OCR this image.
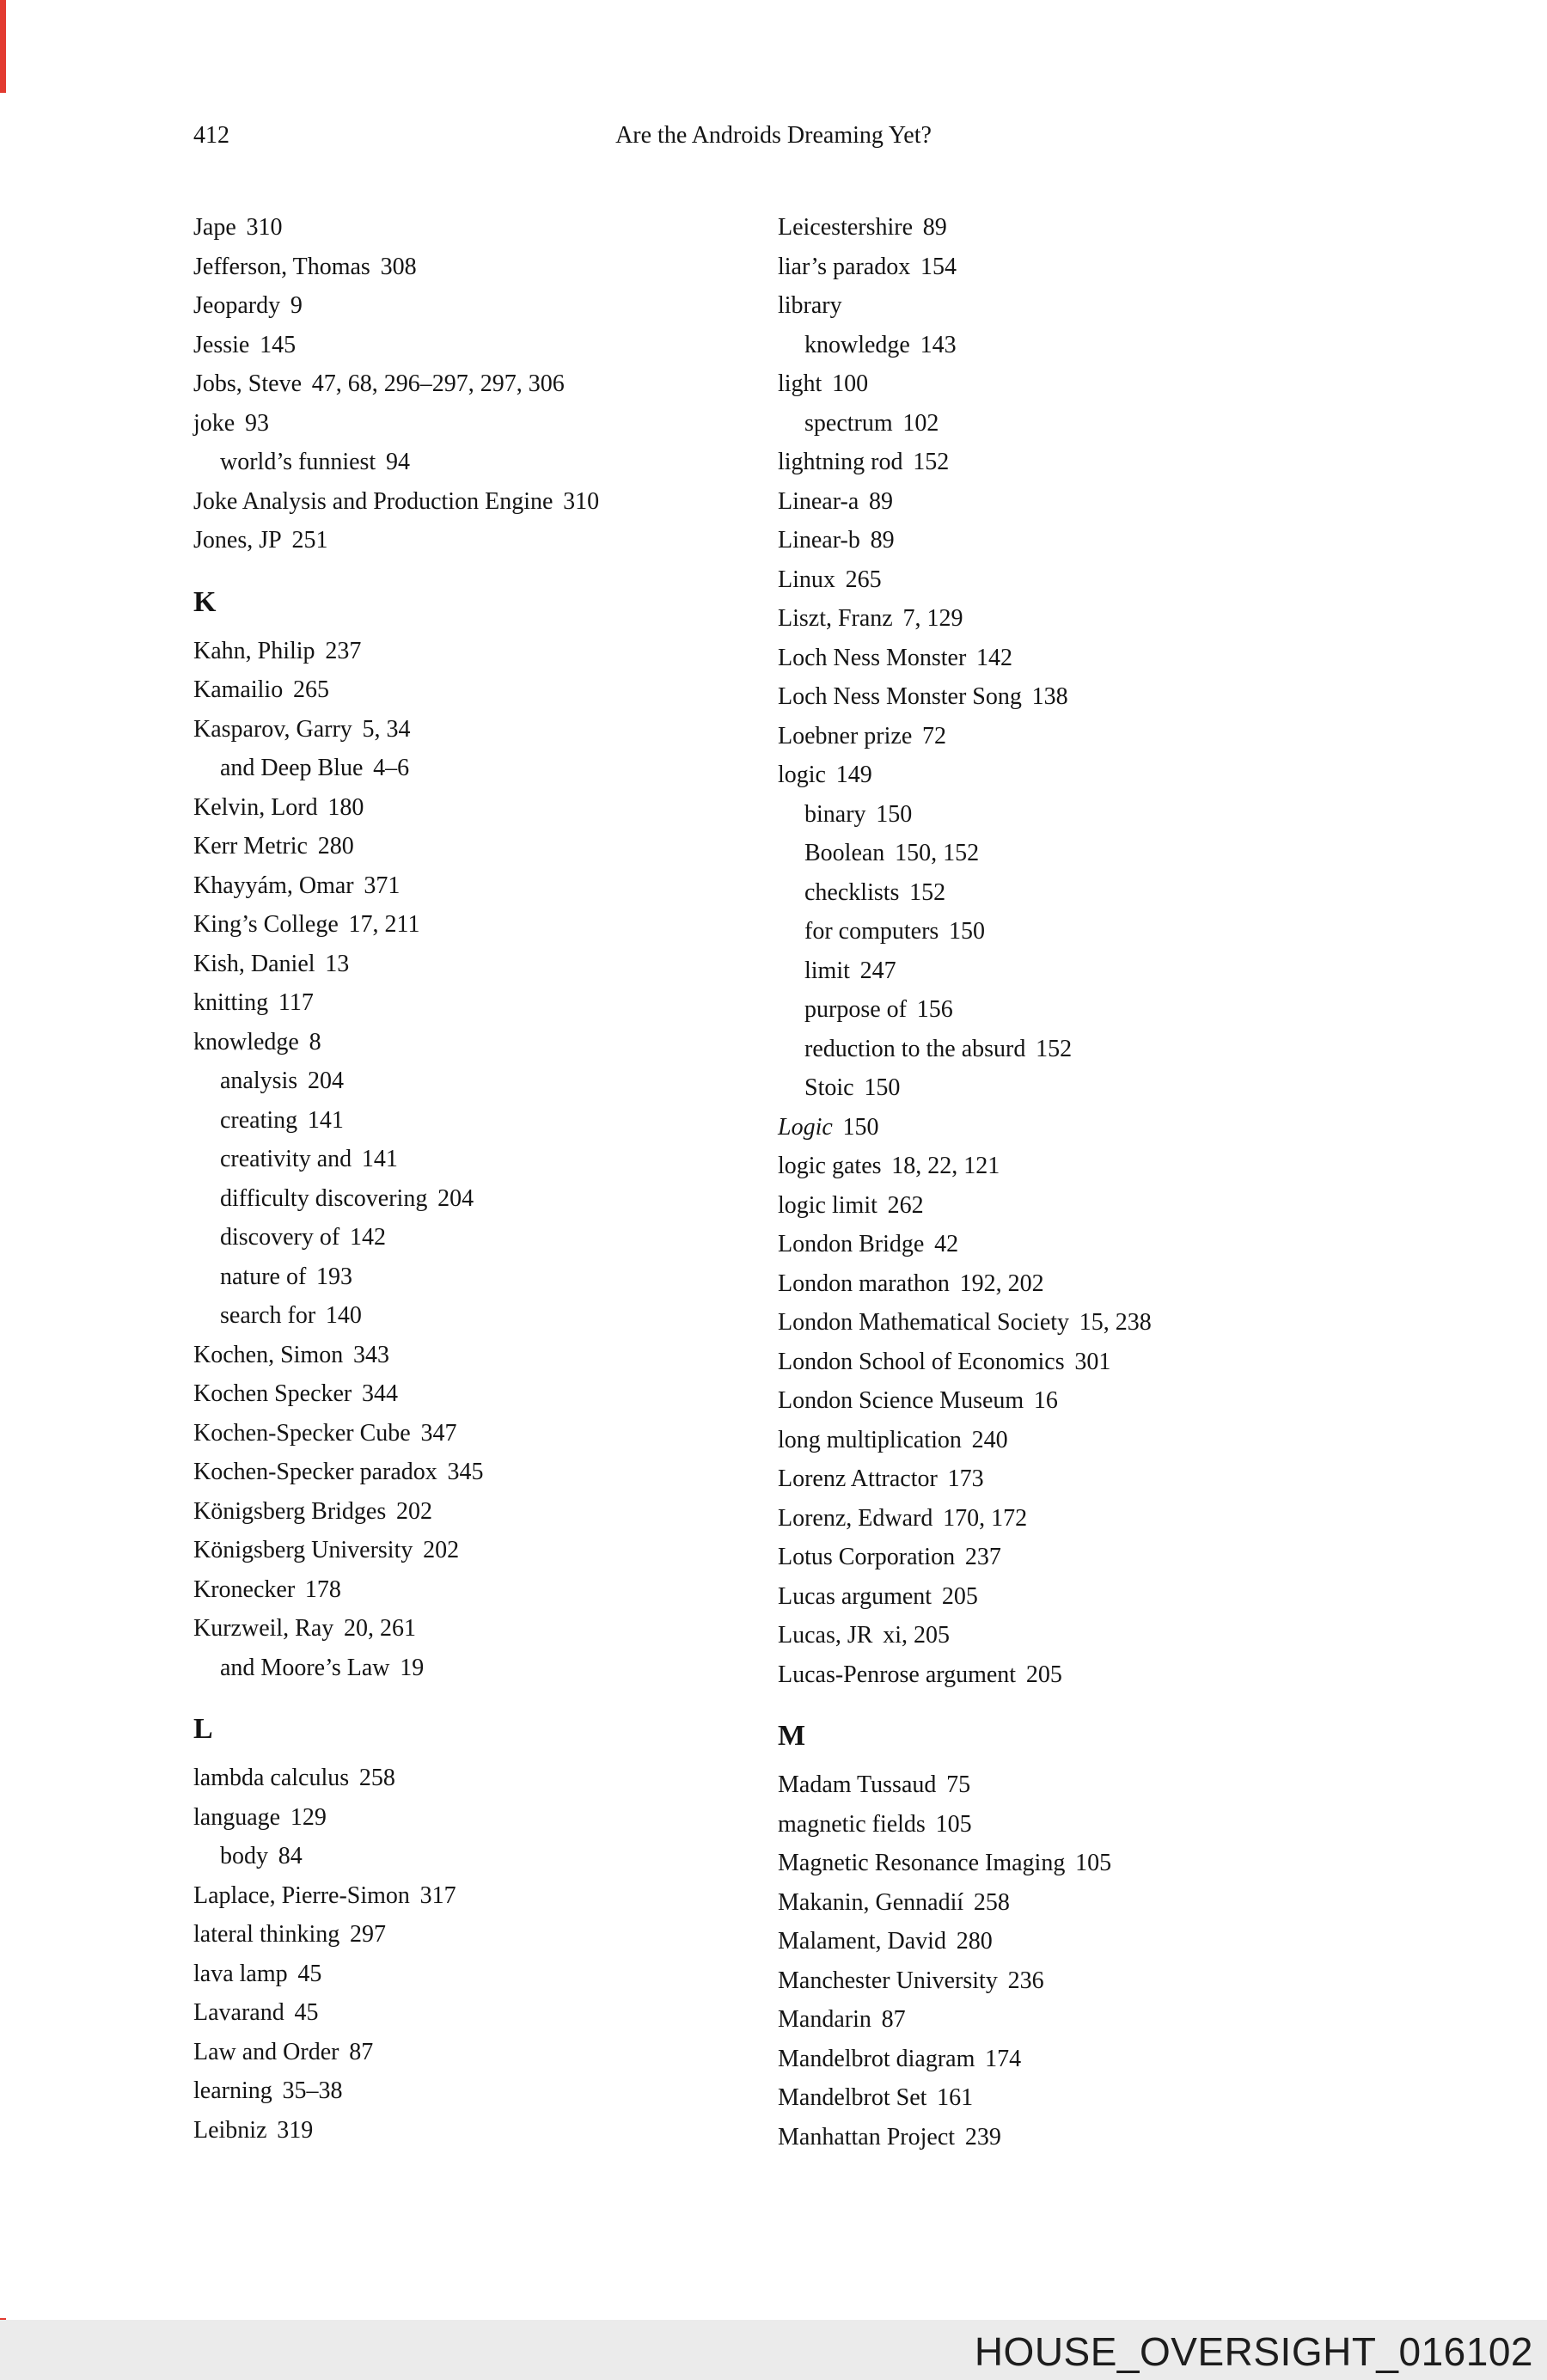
Are the Androids Dreaming Yet?
412
Jape 310
Jefferson, Thomas 308
Jeopardy 9
Jessie 145
Jobs, Steve 47, 68, 296–297, 297, 306
joke 93
world’s funniest 94
Joke Analysis and Production Engine 310
Jones, JP 251
K
Kahn, Philip 237
Kamailio 265
Kasparov, Garry 5, 34
and Deep Blue 4–6
Kelvin, Lord 180
Kerr Metric 280
Khayyám, Omar 371
King’s College 17, 211
Kish, Daniel 13
knitting 117
knowledge 8
analysis 204
creating 141
creativity and 141
difficulty discovering 204
discovery of 142
nature of 193
search for 140
Kochen, Simon 343
Kochen Specker 344
Kochen-Specker Cube 347
Kochen-Specker paradox 345
Königsberg Bridges 202
Königsberg University 202
Kronecker 178
Kurzweil, Ray 20, 261
and Moore’s Law 19
L
lambda calculus 258
language 129
body 84
Laplace, Pierre-Simon 317
lateral thinking 297
lava lamp 45
Lavarand 45
Law and Order 87
learning 35–38
Leibniz 319
Leicestershire 89
liar’s paradox 154
library
knowledge 143
light 100
spectrum 102
lightning rod 152
Linear-a 89
Linear-b 89
Linux 265
Liszt, Franz 7, 129
Loch Ness Monster 142
Loch Ness Monster Song 138
Loebner prize 72
logic 149
binary 150
Boolean 150, 152
checklists 152
for computers 150
limit 247
purpose of 156
reduction to the absurd 152
Stoic 150
Logic 150
logic gates 18, 22, 121
logic limit 262
London Bridge 42
London marathon 192, 202
London Mathematical Society 15, 238
London School of Economics 301
London Science Museum 16
long multiplication 240
Lorenz Attractor 173
Lorenz, Edward 170, 172
Lotus Corporation 237
Lucas argument 205
Lucas, JR xi, 205
Lucas-Penrose argument 205
M
Madam Tussaud 75
magnetic fields 105
Magnetic Resonance Imaging 105
Makanin, Gennadií 258
Malament, David 280
Manchester University 236
Mandarin 87
Mandelbrot diagram 174
Mandelbrot Set 161
Manhattan Project 239
HOUSE_OVERSIGHT_016102
